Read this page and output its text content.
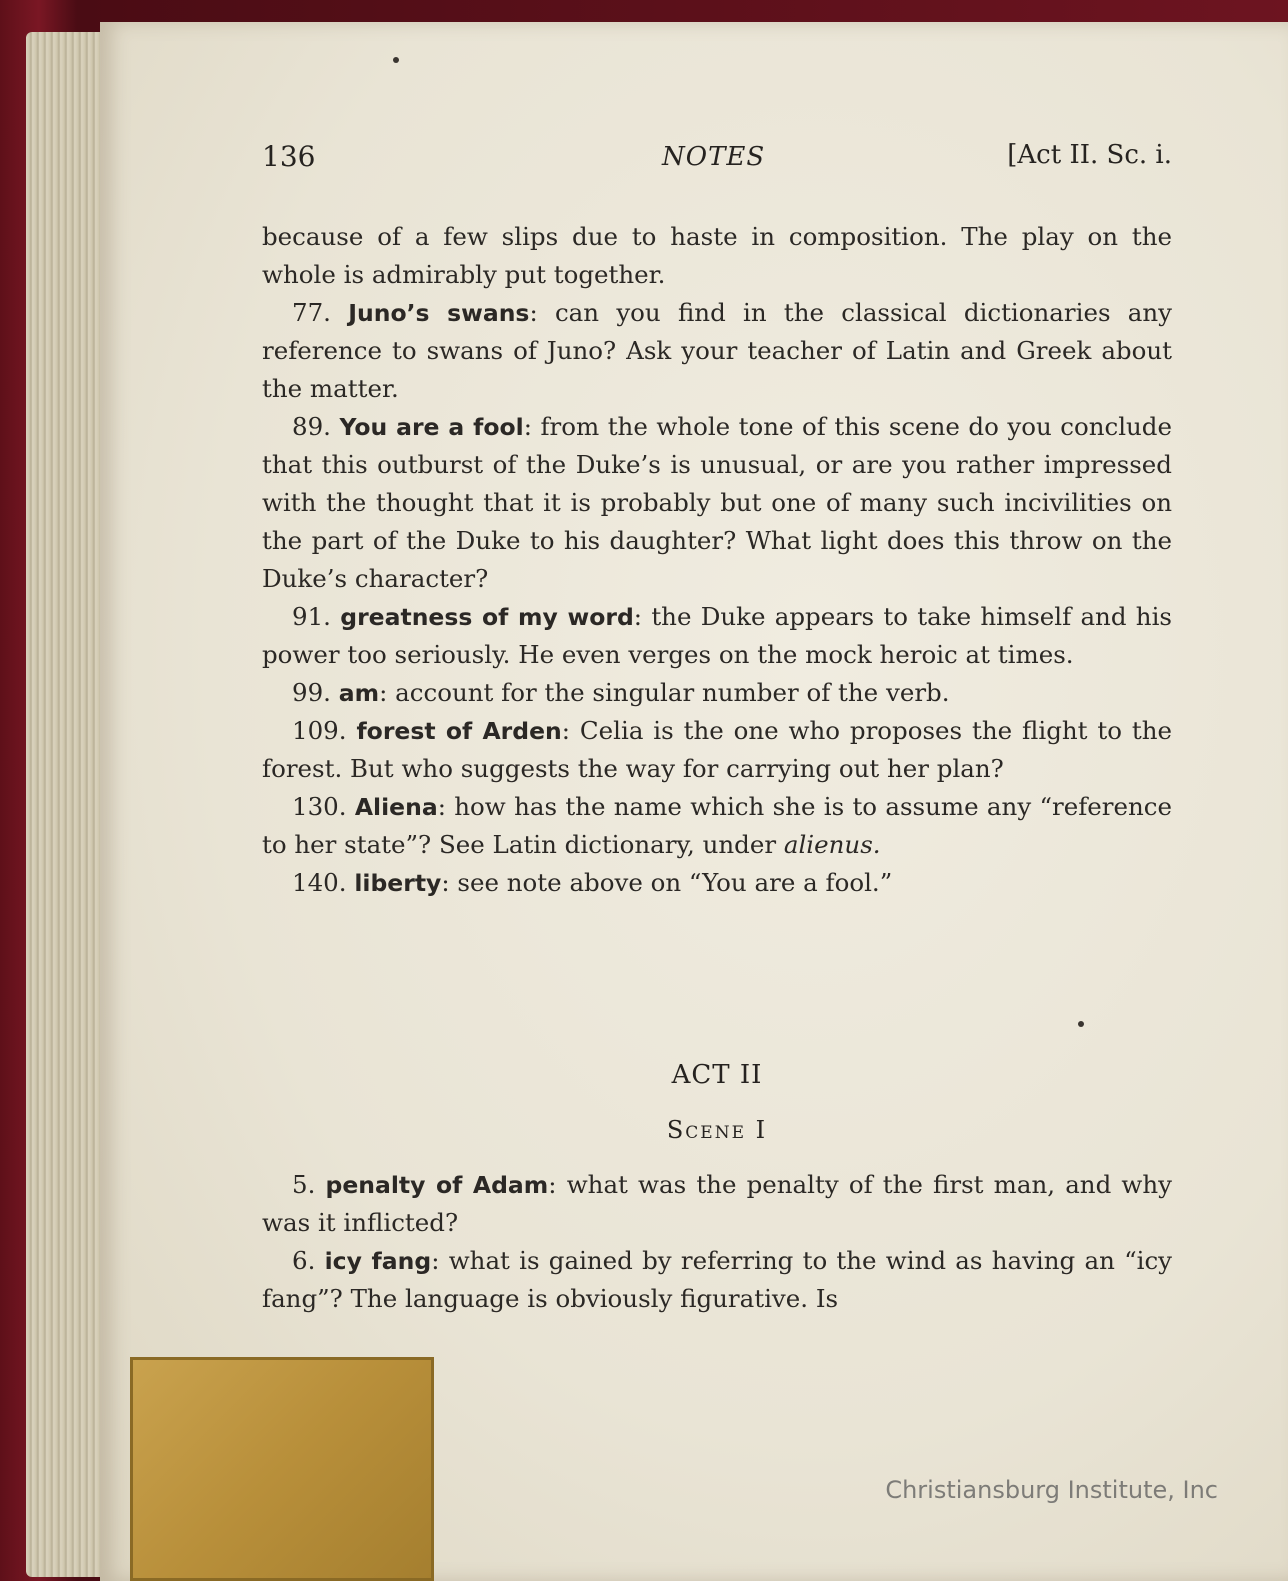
136	NOTES	[Act II. Sc. i.

because of a few slips due to haste in composition. The play on the whole is admirably put together.

77. Juno’s swans: can you find in the classical dictionaries any reference to swans of Juno? Ask your teacher of Latin and Greek about the matter.

89. You are a fool: from the whole tone of this scene do you conclude that this outburst of the Duke’s is unusual, or are you rather impressed with the thought that it is probably but one of many such incivilities on the part of the Duke to his daughter? What light does this throw on the Duke’s character?

91. greatness of my word: the Duke appears to take himself and his power too seriously. He even verges on the mock heroic at times.

99. am: account for the singular number of the verb.

109. forest of Arden: Celia is the one who proposes the flight to the forest. But who suggests the way for carrying out her plan?

130. Aliena: how has the name which she is to assume any “reference to her state”? See Latin dictionary, under alienus.

140. liberty: see note above on “You are a fool.”

ACT II
Scene I

5. penalty of Adam: what was the penalty of the first man, and why was it inflicted?

6. icy fang: what is gained by referring to the wind as having an “icy fang”? The language is obviously figurative. Is

Christiansburg Institute, Inc
